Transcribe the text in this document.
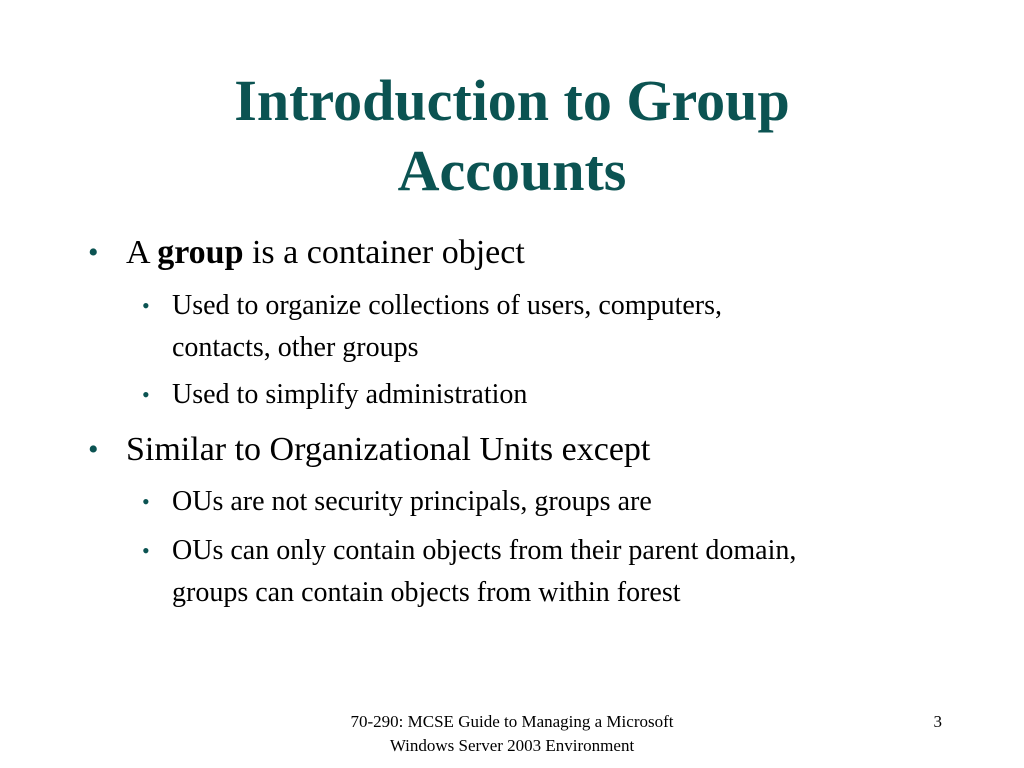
Introduction to Group
Accounts
• A group is a container object
• Used to organize collections of users, computers,
contacts, other groups
• Used to simplify administration
• Similar to Organizational Units except
• OUs are not security principals, groups are
• OUs can only contain objects from their parent domain,
groups can contain objects from within forest
70-290: MCSE Guide to Managing a Microsoft
Windows Server 2003 Environment
3
